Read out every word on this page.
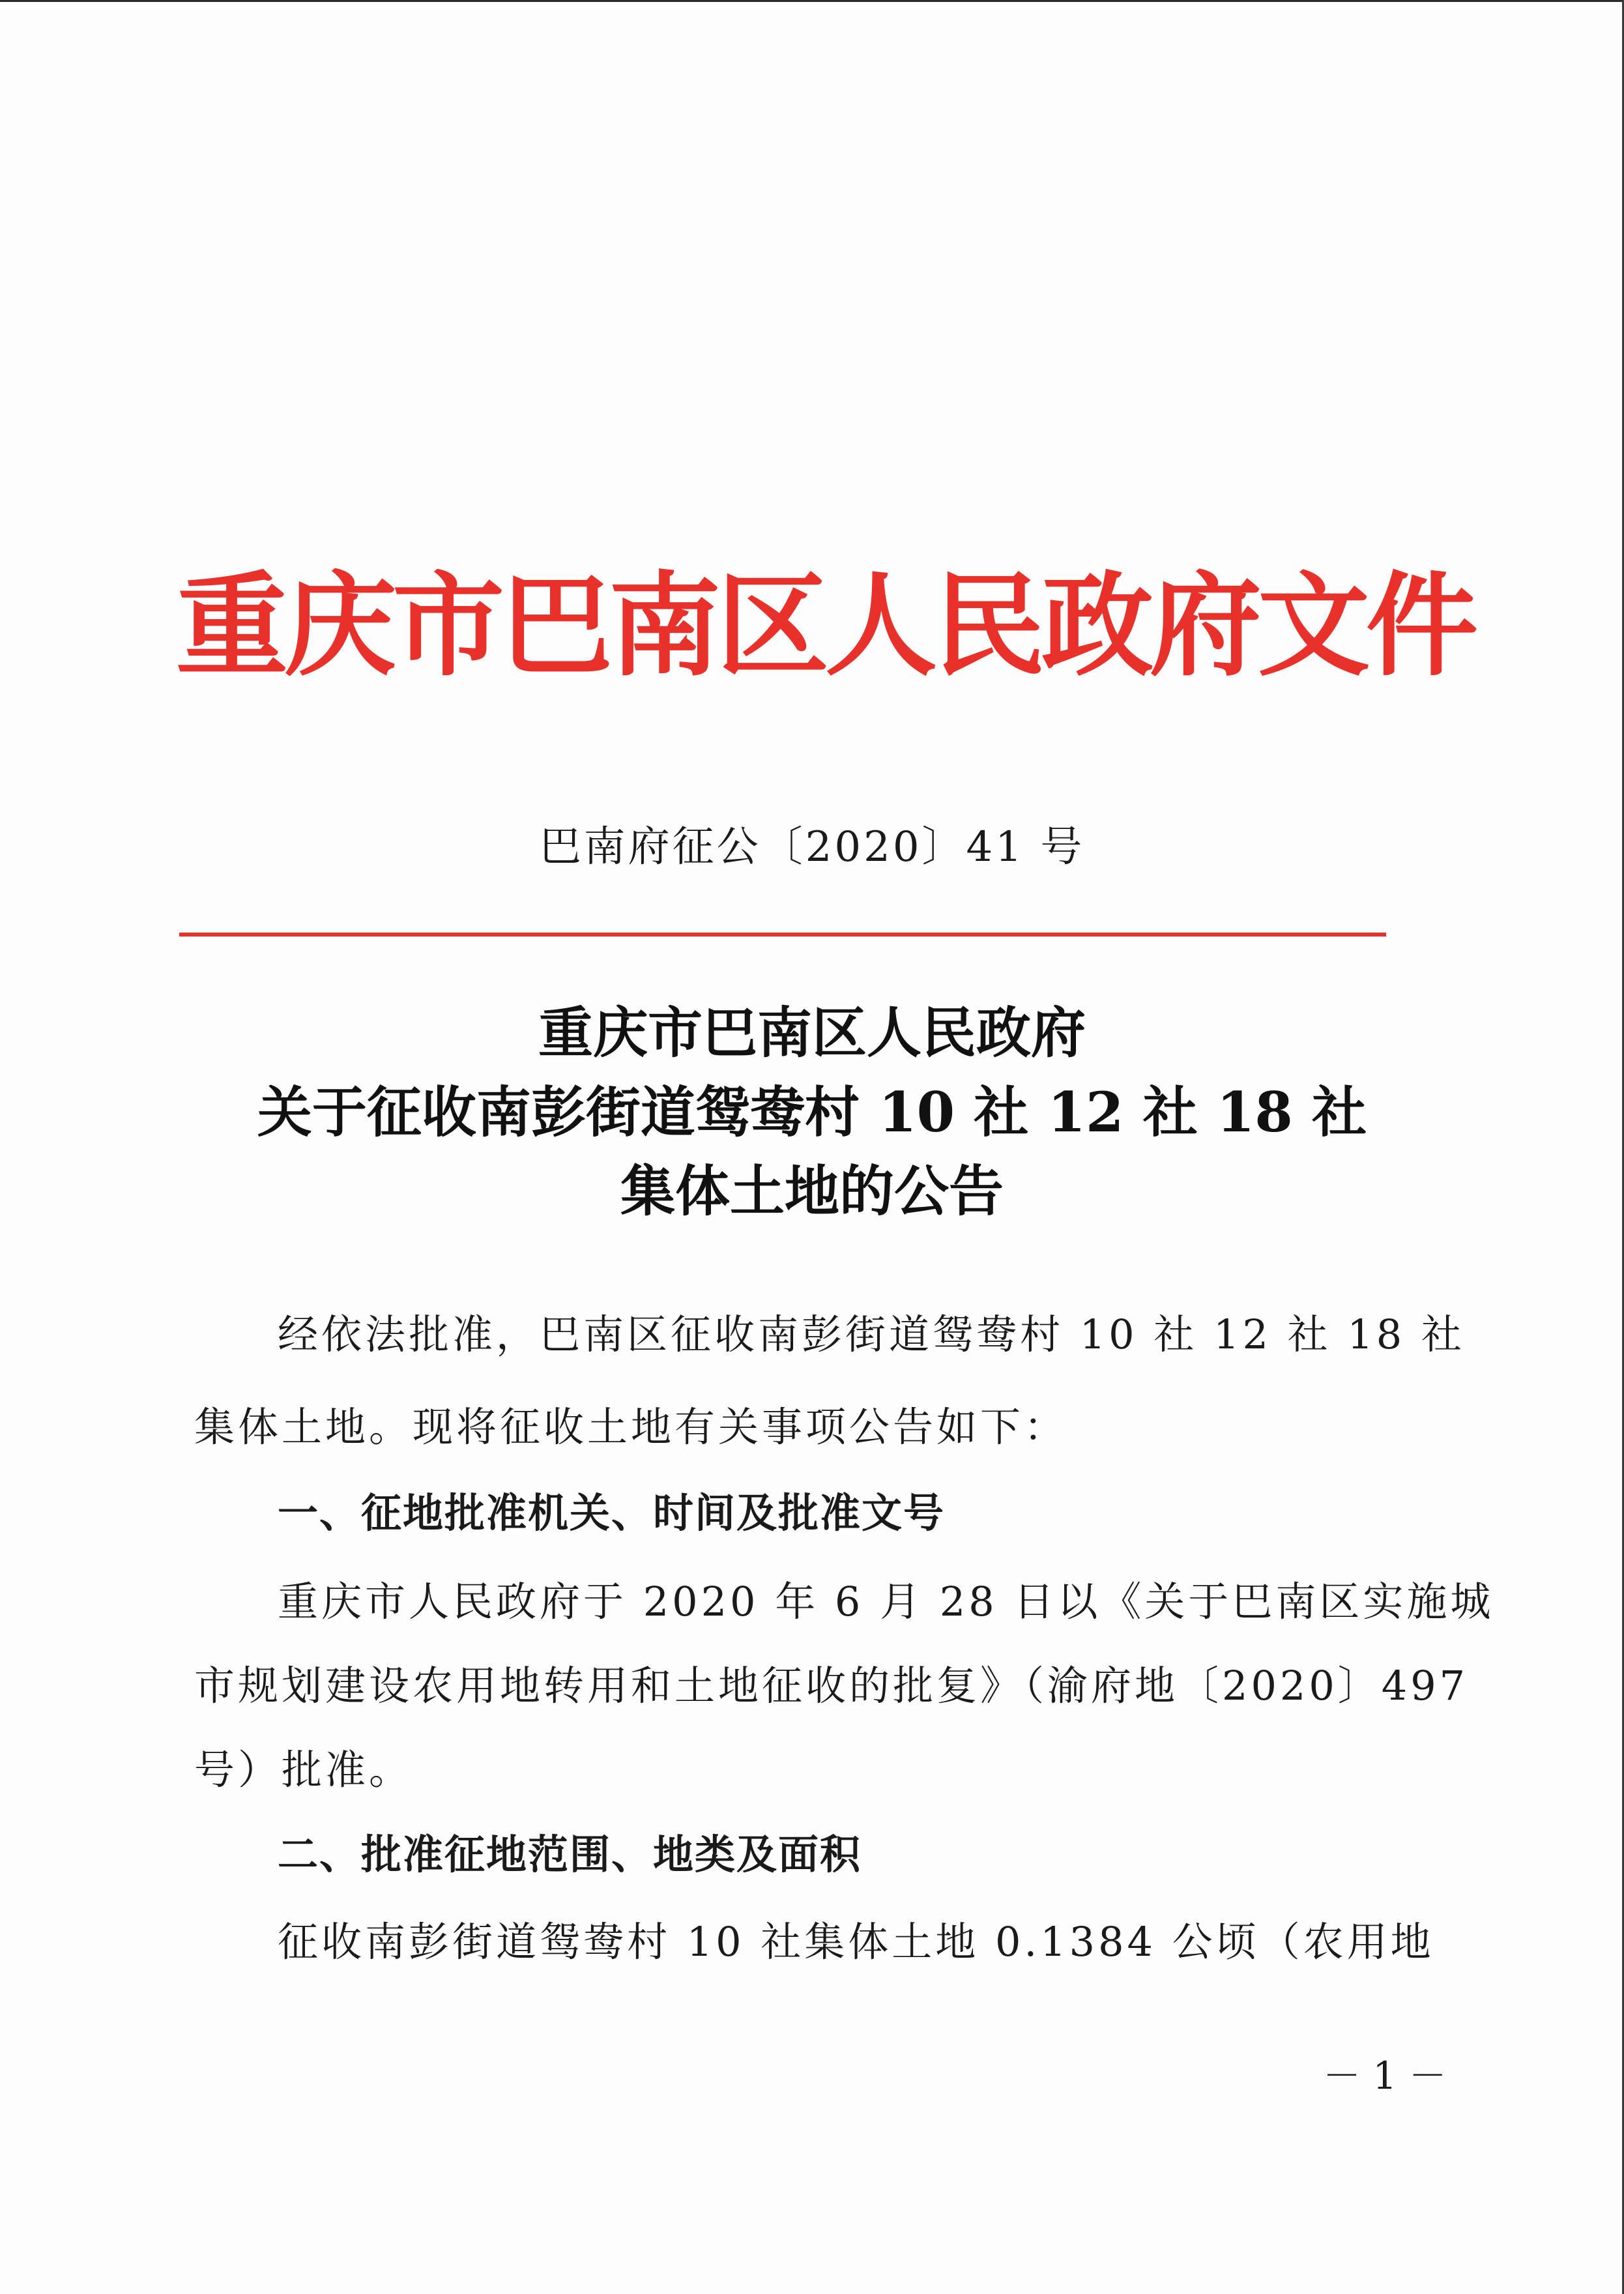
重庆市巴南区人民政府文件
巴南府征公〔2020〕41 号
重庆市巴南区人民政府
关于征收南彭街道鸳鸯村 10 社 12 社 18 社
集体土地的公告

经依法批准，巴南区征收南彭街道鸳鸯村 10 社 12 社 18 社

集体土地。现将征收土地有关事项公告如下：

一、征地批准机关、时间及批准文号

重庆市人民政府于 2020 年 6 月 28 日以《关于巴南区实施城

市规划建设农用地转用和土地征收的批复》（渝府地〔2020〕497

号）批准。

二、批准征地范围、地类及面积

征收南彭街道鸳鸯村 10 社集体土地 0.1384 公顷（农用地

－ 1 －
